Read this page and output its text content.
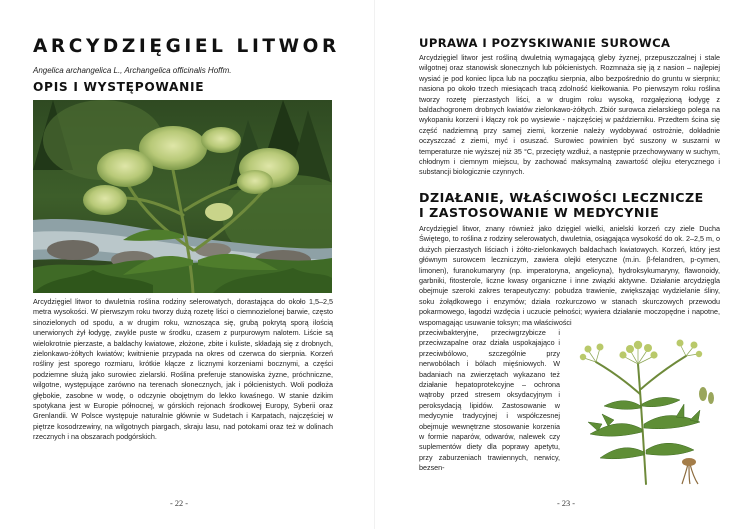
ARCYDZIĘGIEL LITWOR

Angelica archangelica L., Archangelica officinalis Hoffm.

OPIS I WYSTĘPOWANIE

Arcydzięgiel litwor to dwuletnia roślina rodziny selerowatych, dorastająca do około 1,5–2,5 metra wysokości. W pierwszym roku tworzy dużą rozetę liści o ciemnozielonej barwie, często sinozielonych od spodu, a w drugim roku, wznosząca się, grubą pokrytą sporą ilością unerwionych żył łodygę, zwykle puste w środku, czasem z purpurowym nalotem. Liście są wielokrotnie pierzaste, a baldachy kwiatowe, złożone, zbite i kuliste, składają się z drobnych, zielonkawo-żółtych kwiatów; kwitnienie przypada na okres od czerwca do sierpnia. Korzeń rośliny jest sporego rozmiaru, krótkie kłącze z licznymi korzeniami bocznymi, a części podziemne służą jako surowiec zielarski. Roślina preferuje stanowiska żyzne, próchniczne, wilgotne, występujące zarówno na terenach słonecznych, jak i półcienistych. Woli podłoża głębokie, zasobne w wodę, o odczynie obojętnym do lekko kwaśnego. W stanie dzikim spotykana jest w Europie północnej, w górskich rejonach środkowej Europy, Syberii oraz Grenlandii. W Polsce występuje naturalnie głównie w Sudetach i Karpatach, najczęściej w piętrze kosodrzewiny, na wilgotnych piargach, skraju lasu, nad potokami oraz też w dolinach rzecznych i na obszarach podgórskich.

- 22 -
UPRAWA I POZYSKIWANIE SUROWCA

Arcydzięgiel litwor jest rośliną dwuletnią wymagającą gleby żyznej, przepuszczalnej i stale wilgotnej oraz stanowisk słonecznych lub półcienistych. Rozmnaża się ją z nasion – najlepiej wysiać je pod koniec lipca lub na początku sierpnia, albo bezpośrednio do gruntu w sierpniu; nasiona po około trzech miesiącach tracą zdolność kiełkowania. Po pierwszym roku roślina tworzy rozetę pierzastych liści, a w drugim roku wysoką, rozgałęzioną łodygę z baldachogronem drobnych kwiatów zielonkawo-żółtych. Zbiór surowca zielarskiego polega na wykopaniu korzeni i kłączy rok po wysiewie - najczęściej w październiku. Przedtem ścina się część nadziemną przy samej ziemi, korzenie należy wydobywać ostrożnie, dokładnie oczyszczać z ziemi, myć i osuszać. Surowiec powinien być suszony w suszarni w temperaturze nie wyższej niż 35 °C, przecięty wzdłuż, a następnie przechowywany w suchym, chłodnym i ciemnym miejscu, by zachować maksymalną zawartość olejku eterycznego i substancji biologicznie czynnych.

DZIAŁANIE, WŁAŚCIWOŚCI LECZNICZE
I ZASTOSOWANIE W MEDYCYNIE

Arcydzięgiel litwor, znany również jako dzięgiel wielki, anielski korzeń czy ziele Ducha Świętego, to roślina z rodziny selerowatych, dwuletnia, osiągająca wysokość do ok. 2–2,5 m, o dużych pierzastych liściach i żółto-zielonkawych baldachach kwiatowych. Korzeń, który jest głównym surowcem leczniczym, zawiera olejki eteryczne (m.in. β-felandren, p-cymen, limonen), furanokumaryny (np. imperatoryna, angelicyna), hydroksykumaryny, flawonoidy, garbniki, fitosterole, liczne kwasy organiczne i inne związki aktywne. Działanie arcydzięgla obejmuje szeroki zakres terapeutyczny: pobudza trawienie, zwiększając wydzielanie śliny, soku żołądkowego i enzymów; działa rozkurczowo w stanach skurczowych przewodu pokarmowego, łagodzi wzdęcia i uczucie pełności; wywiera działanie moczopędne i napotne, wspomagając usuwanie toksyn; ma właściwości

przeciwbakteryjne, przeciwgrzybicze i przeciwzapalne oraz działa uspokajająco i przeciwbólowo, szczególnie przy nerwobólach i bólach mięśniowych. W badaniach na zwierzętach wykazano też działanie hepatoprotekcyjne – ochrona wątroby przed stresem oksydacyjnym i peroksydacją lipidów. Zastosowanie w medycynie tradycyjnej i współczesnej obejmuje wewnętrzne stosowanie korzenia w formie naparów, odwarów, nalewek czy suplementów diety dla poprawy apetytu, przy zaburzeniach trawiennych, nerwicy, bezsen-

- 23 -
